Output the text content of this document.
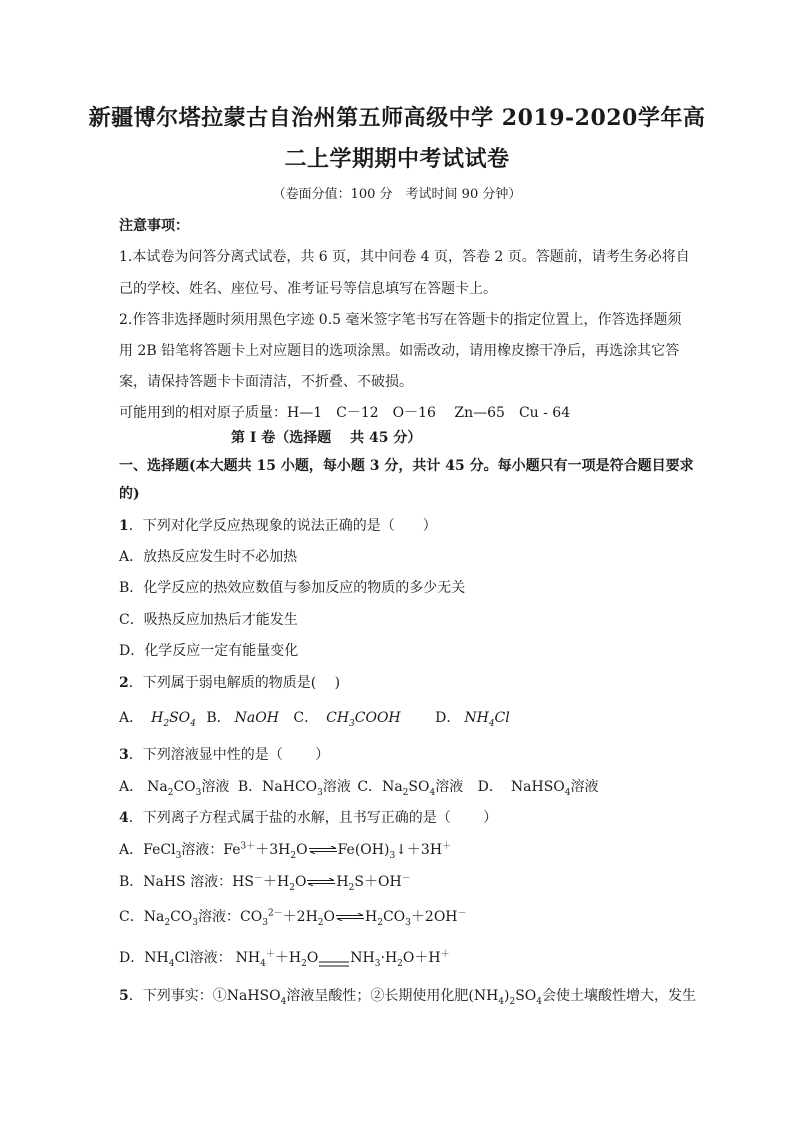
新疆博尔塔拉蒙古自治州第五师高级中学 2019-2020学年高
二上学期期中考试试卷
（卷面分值：100 分　考试时间 90 分钟）
注意事项：
1.本试卷为问答分离式试卷，共 6 页，其中问卷 4 页，答卷 2 页。答题前，请考生务必将自
己的学校、姓名、座位号、准考证号等信息填写在答题卡上。
2.作答非选择题时须用黑色字迹 0.5 毫米签字笔书写在答题卡的指定位置上，作答选择题须
用 2B 铅笔将答题卡上对应题目的选项涂黑。如需改动，请用橡皮擦干净后，再选涂其它答
案，请保持答题卡卡面清洁，不折叠、不破损。
可能用到的相对原子质量：H—1　C－12　O－16　 Zn—65　Cu - 64
第 I 卷（选择题　 共 45 分）
一、选择题(本大题共 15 小题，每小题 3 分，共计 45 分。每小题只有一项是符合题目要求
的)
1．下列对化学反应热现象的说法正确的是（　　）
A．放热反应发生时不必加热
B．化学反应的热效应数值与参加反应的物质的多少无关
C．吸热反应加热后才能发生
D．化学反应一定有能量变化
2．下列属于弱电解质的物质是(　 )
A． $H_2SO_4$ B． NaOH C． $CH_3COOH$ D． $NH_4Cl$
3．下列溶液显中性的是（　　 ）
A． $Na_2CO_3$溶液 B．NaHCO$_3$溶液 C．$Na_2SO_4$溶液 D． NaHSO$_4$溶液
4．下列离子方程式属于盐的水解，且书写正确的是（　　 ）
A．FeCl$_3$溶液：$Fe^{3+}+3H_2O\rightleftharpoons Fe(OH)_3↓+3H^+$
B．NaHS 溶液：$HS^-+H_2O\rightleftharpoons H_2S+OH^-$
C．$Na_2CO_3$溶液：$CO_3^{2-}+2H_2O\rightleftharpoons H_2CO_3+2OH^-$
D．$NH_4Cl$溶液： $NH_4^++H_2O$ $NH_3\cdot H_2O+H^+$
5．下列事实：①NaHSO$_4$溶液呈酸性；②长期使用化肥$(NH_4)_2SO_4$会使土壤酸性增大，发生
